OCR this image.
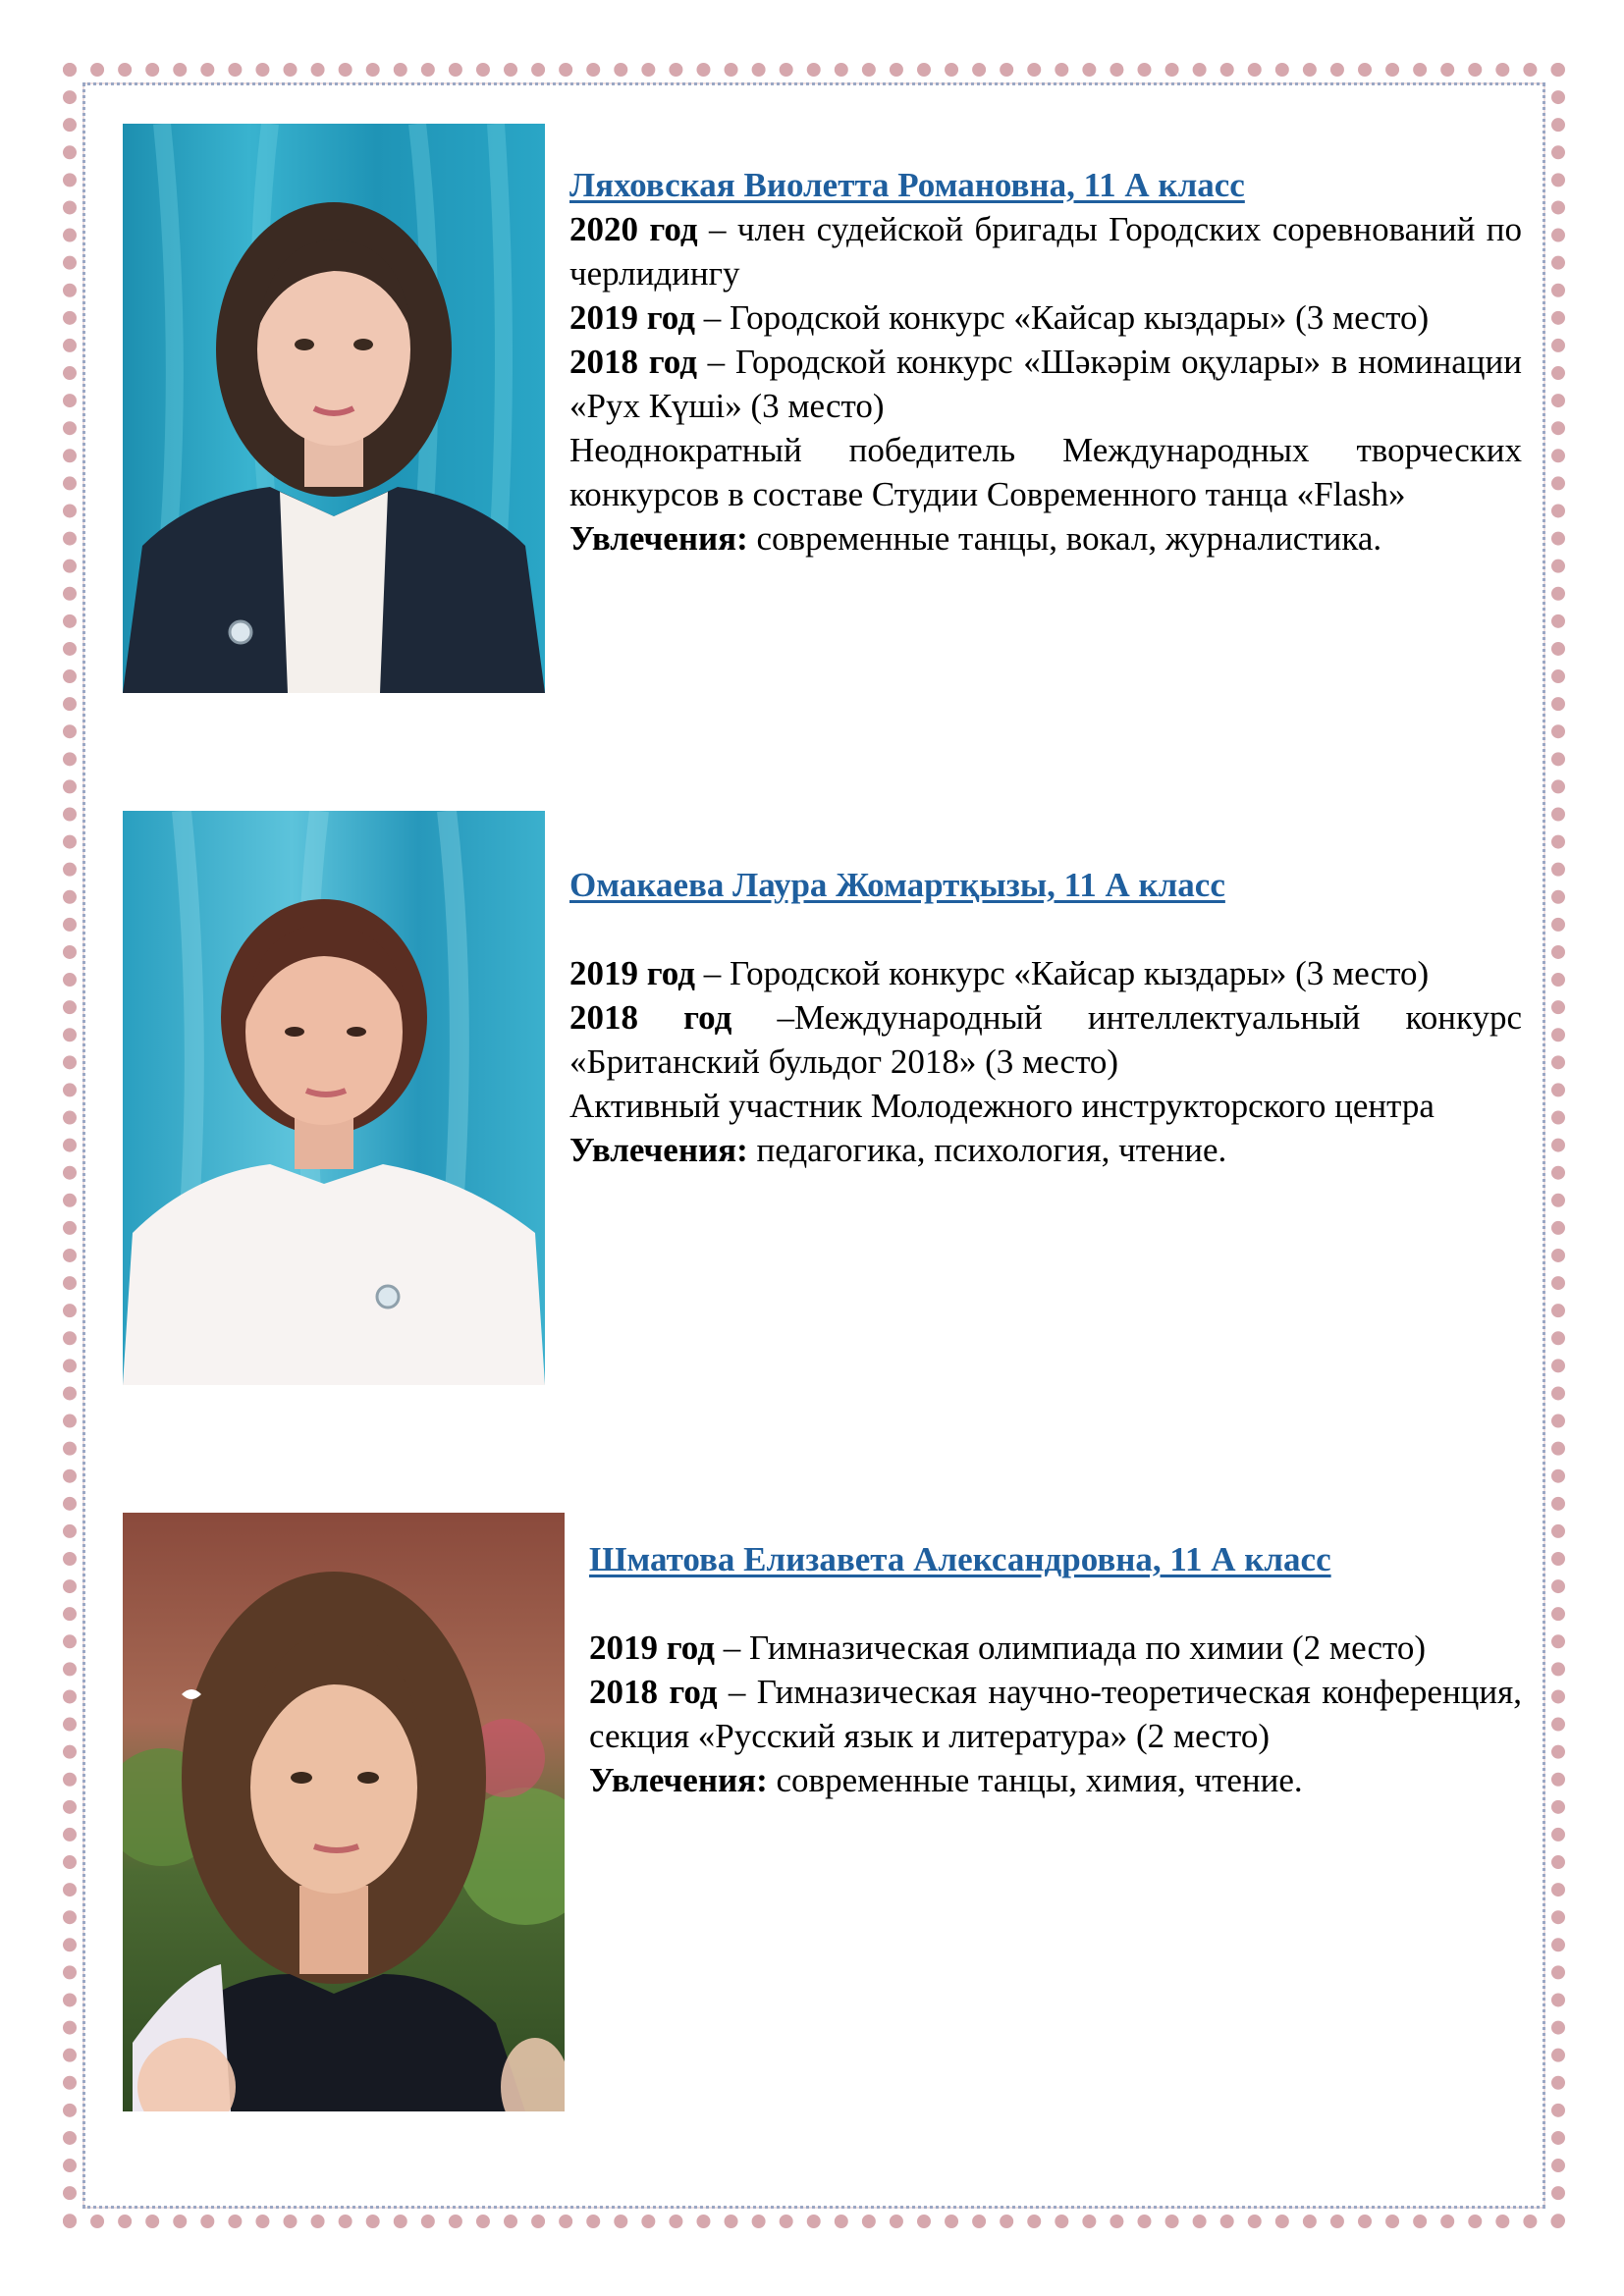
Ляховская Виолетта Романовна, 11 А класс

2020 год – член судейской бригады Городских соревнований по черлидингу

2019 год – Городской конкурс «Кайсар кыздары» (3 место)

2018 год – Городской конкурс «Шәкәрім оқулары» в номинации «Рух Күші» (3 место)

Неоднократный победитель Международных творческих конкурсов в составе Студии Современного танца «Flash»

Увлечения: современные танцы, вокал, журналистика.

Омакаева Лаура Жомартқызы, 11 А класс

2019 год – Городской конкурс «Кайсар кыздары» (3 место)

2018 год –Международный интеллектуальный конкурс «Британский бульдог 2018» (3 место)

Активный участник Молодежного инструкторского центра

Увлечения: педагогика, психология, чтение.

Шматова Елизавета Александровна, 11 А класс

2019 год – Гимназическая олимпиада по химии (2 место)

2018 год – Гимназическая научно-теоретическая конференция, секция «Русский язык и литература» (2 место)

Увлечения: современные танцы, химия, чтение.
